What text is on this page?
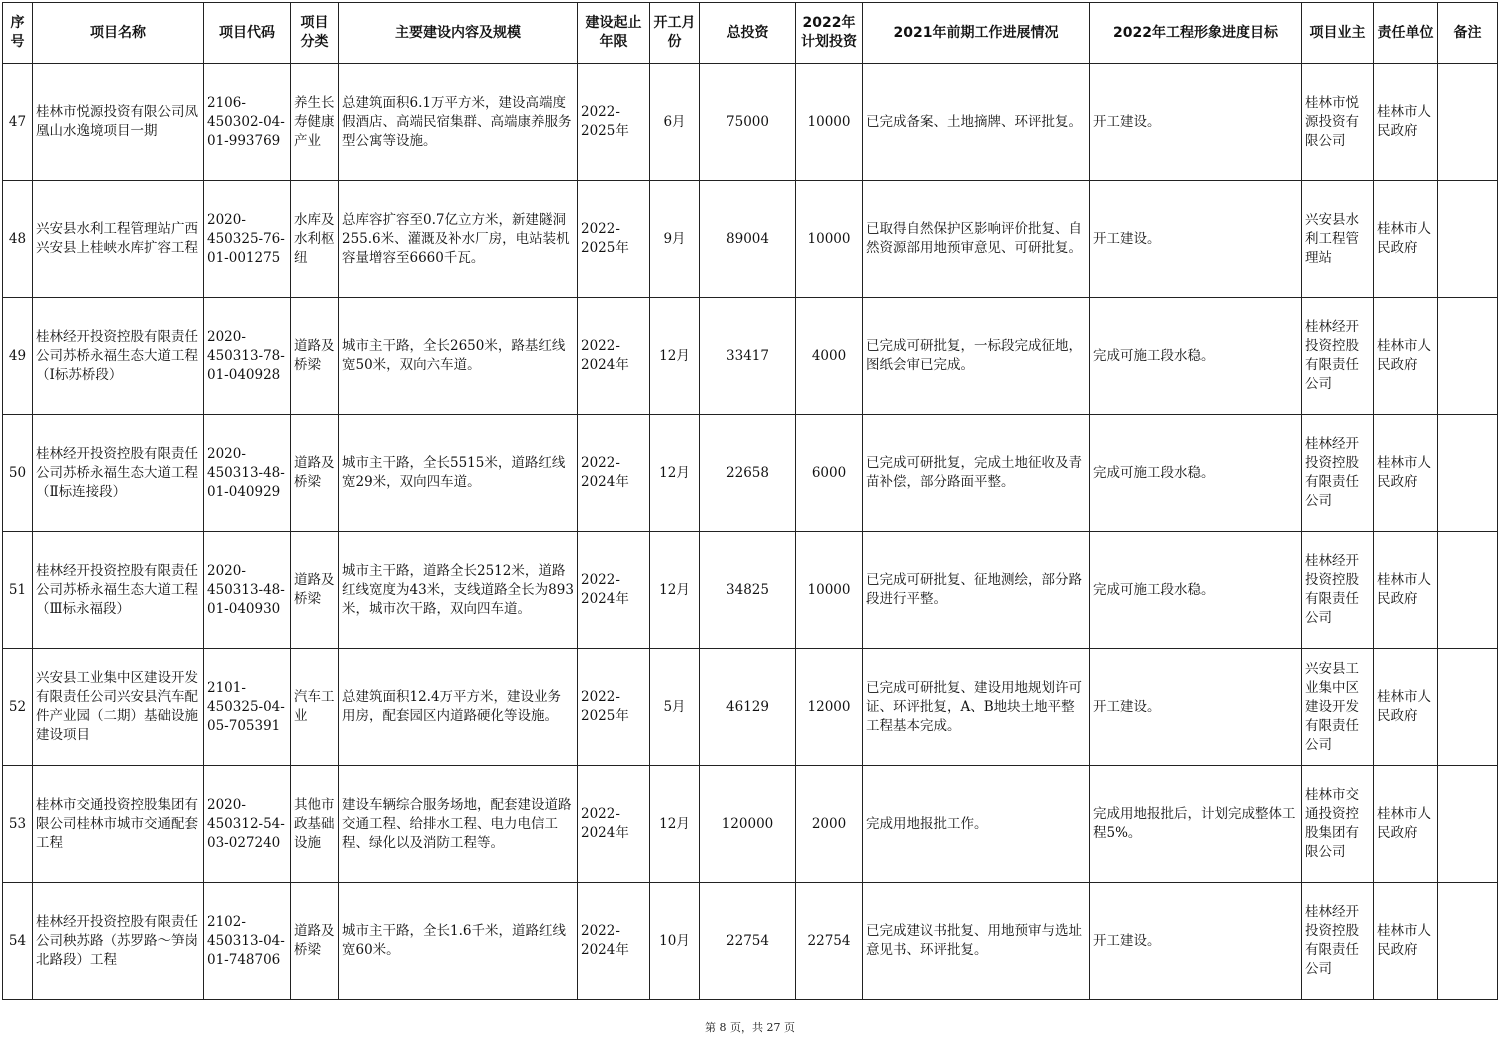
序号	项目名称	项目代码	项目分类	主要建设内容及规模	建设起止年限	开工月份	总投资	2022年计划投资	2021年前期工作进展情况	2022年工程形象进度目标	项目业主	责任单位	备注
47	桂林市悦源投资有限公司凤凰山水逸境项目一期	2106-450302-04-01-993769	养生长寿健康产业	总建筑面积6.1万平方米，建设高端度假酒店、高端民宿集群、高端康养服务型公寓等设施。	2022-2025年	6月	75000	10000	已完成备案、土地摘牌、环评批复。	开工建设。	桂林市悦源投资有限公司	桂林市人民政府	
48	兴安县水利工程管理站广西兴安县上桂峡水库扩容工程	2020-450325-76-01-001275	水库及水利枢纽	总库容扩容至0.7亿立方米，新建隧洞255.6米、灌溉及补水厂房，电站装机容量增容至6660千瓦。	2022-2025年	9月	89004	10000	已取得自然保护区影响评价批复、自然资源部用地预审意见、可研批复。	开工建设。	兴安县水利工程管理站	桂林市人民政府	
49	桂林经开投资控股有限责任公司苏桥永福生态大道工程（Ⅰ标苏桥段）	2020-450313-78-01-040928	道路及桥梁	城市主干路，全长2650米，路基红线宽50米，双向六车道。	2022-2024年	12月	33417	4000	已完成可研批复，一标段完成征地，图纸会审已完成。	完成可施工段水稳。	桂林经开投资控股有限责任公司	桂林市人民政府	
50	桂林经开投资控股有限责任公司苏桥永福生态大道工程（Ⅱ标连接段）	2020-450313-48-01-040929	道路及桥梁	城市主干路，全长5515米，道路红线宽29米，双向四车道。	2022-2024年	12月	22658	6000	已完成可研批复，完成土地征收及青苗补偿，部分路面平整。	完成可施工段水稳。	桂林经开投资控股有限责任公司	桂林市人民政府	
51	桂林经开投资控股有限责任公司苏桥永福生态大道工程（Ⅲ标永福段）	2020-450313-48-01-040930	道路及桥梁	城市主干路，道路全长2512米，道路红线宽度为43米，支线道路全长为893米，城市次干路，双向四车道。	2022-2024年	12月	34825	10000	已完成可研批复、征地测绘，部分路段进行平整。	完成可施工段水稳。	桂林经开投资控股有限责任公司	桂林市人民政府	
52	兴安县工业集中区建设开发有限责任公司兴安县汽车配件产业园（二期）基础设施建设项目	2101-450325-04-05-705391	汽车工业	总建筑面积12.4万平方米，建设业务用房，配套园区内道路硬化等设施。	2022-2025年	5月	46129	12000	已完成可研批复、建设用地规划许可证、环评批复，A、B地块土地平整工程基本完成。	开工建设。	兴安县工业集中区建设开发有限责任公司	桂林市人民政府	
53	桂林市交通投资控股集团有限公司桂林市城市交通配套工程	2020-450312-54-03-027240	其他市政基础设施	建设车辆综合服务场地，配套建设道路交通工程、给排水工程、电力电信工程、绿化以及消防工程等。	2022-2024年	12月	120000	2000	完成用地报批工作。	完成用地报批后，计划完成整体工程5%。	桂林市交通投资控股集团有限公司	桂林市人民政府	
54	桂林经开投资控股有限责任公司秧苏路（苏罗路～笋岗北路段）工程	2102-450313-04-01-748706	道路及桥梁	城市主干路，全长1.6千米，道路红线宽60米。	2022-2024年	10月	22754	22754	已完成建议书批复、用地预审与选址意见书、环评批复。	开工建设。	桂林经开投资控股有限责任公司	桂林市人民政府	
第 8 页，共 27 页
